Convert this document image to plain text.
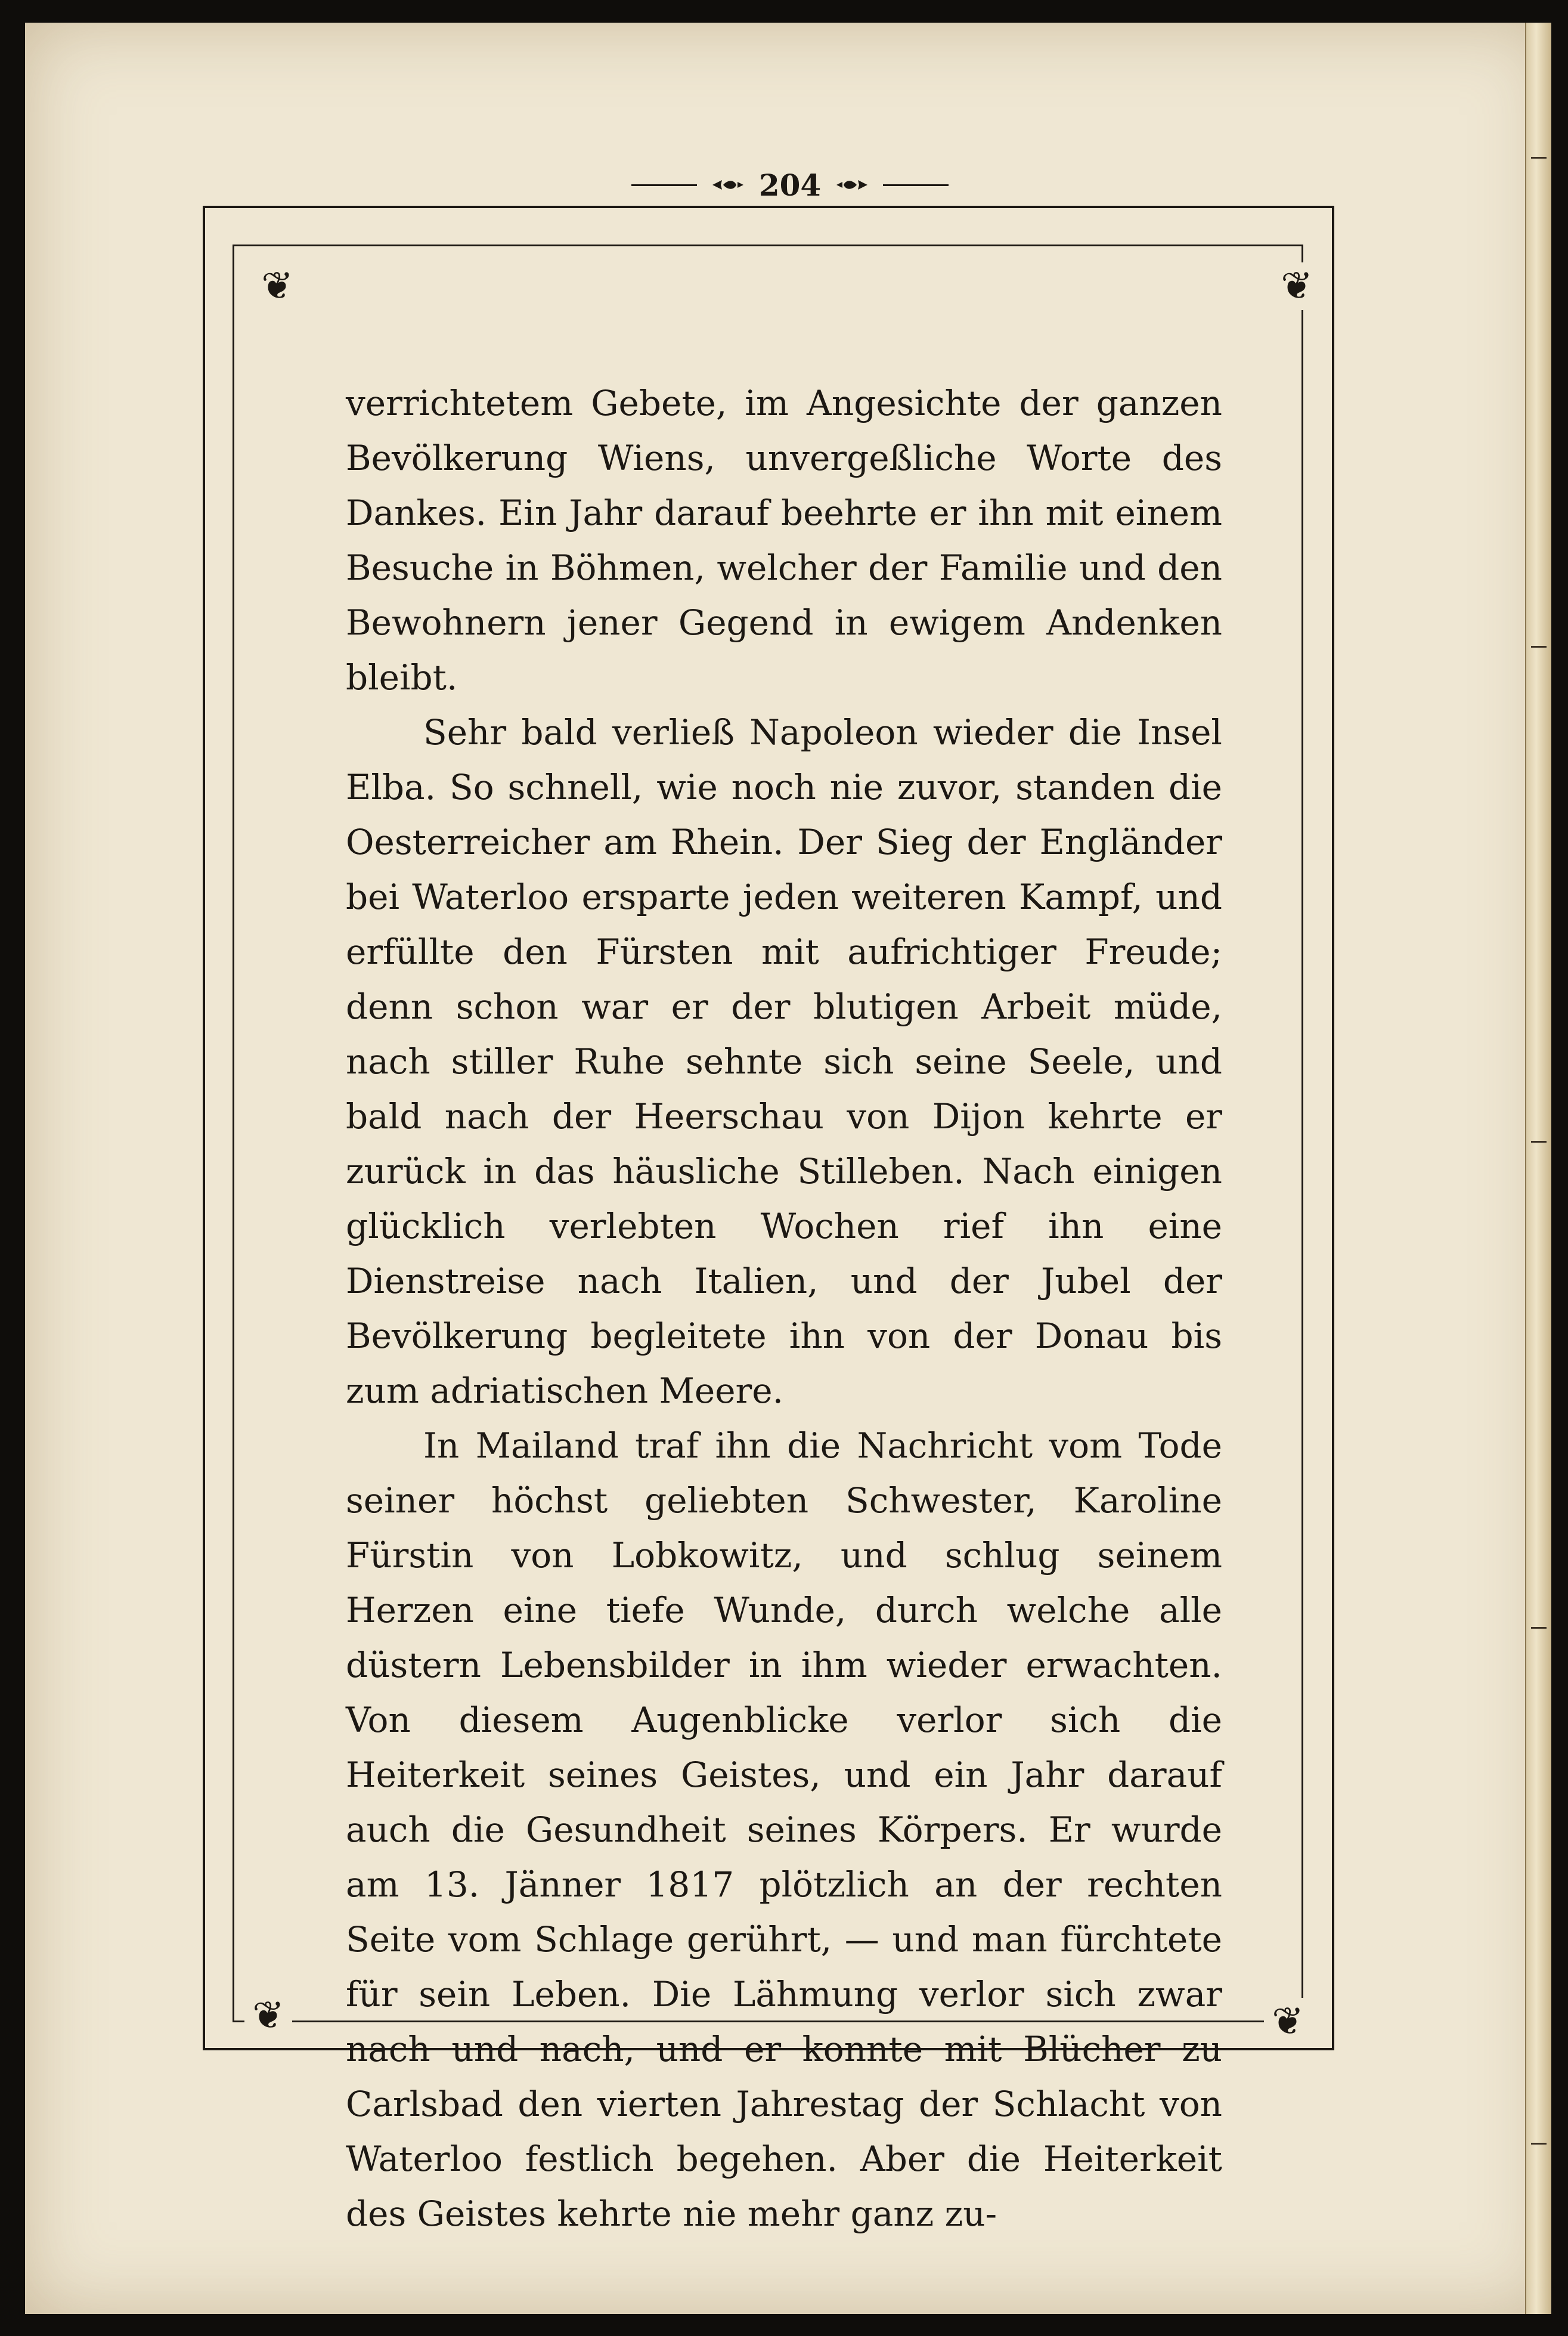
204
❦	❦
❦	❦

verrichtetem Gebete, im Angesichte der ganzen Bevölkerung Wiens, unvergeßliche Worte des Dankes. Ein Jahr darauf beehrte er ihn mit einem Besuche in Böhmen, welcher der Familie und den Bewohnern jener Gegend in ewigem Andenken bleibt.

Sehr bald verließ Napoleon wieder die Insel Elba. So schnell, wie noch nie zuvor, standen die Oesterreicher am Rhein. Der Sieg der Engländer bei Waterloo ersparte jeden weiteren Kampf, und erfüllte den Fürsten mit aufrichtiger Freude; denn schon war er der blutigen Arbeit müde, nach stiller Ruhe sehnte sich seine Seele, und bald nach der Heerschau von Dijon kehrte er zurück in das häusliche Stilleben. Nach einigen glücklich verlebten Wochen rief ihn eine Dienstreise nach Italien, und der Jubel der Bevölkerung begleitete ihn von der Donau bis zum adriatischen Meere.

In Mailand traf ihn die Nachricht vom Tode seiner höchst geliebten Schwester, Karoline Fürstin von Lobkowitz, und schlug seinem Herzen eine tiefe Wunde, durch welche alle düstern Lebensbilder in ihm wieder erwachten. Von diesem Augenblicke verlor sich die Heiterkeit seines Geistes, und ein Jahr darauf auch die Gesundheit seines Körpers. Er wurde am 13. Jänner 1817 plötzlich an der rechten Seite vom Schlage gerührt, — und man fürchtete für sein Leben. Die Lähmung verlor sich zwar nach und nach, und er konnte mit Blücher zu Carlsbad den vierten Jahrestag der Schlacht von Waterloo festlich begehen. Aber die Heiterkeit des Geistes kehrte nie mehr ganz zu-
